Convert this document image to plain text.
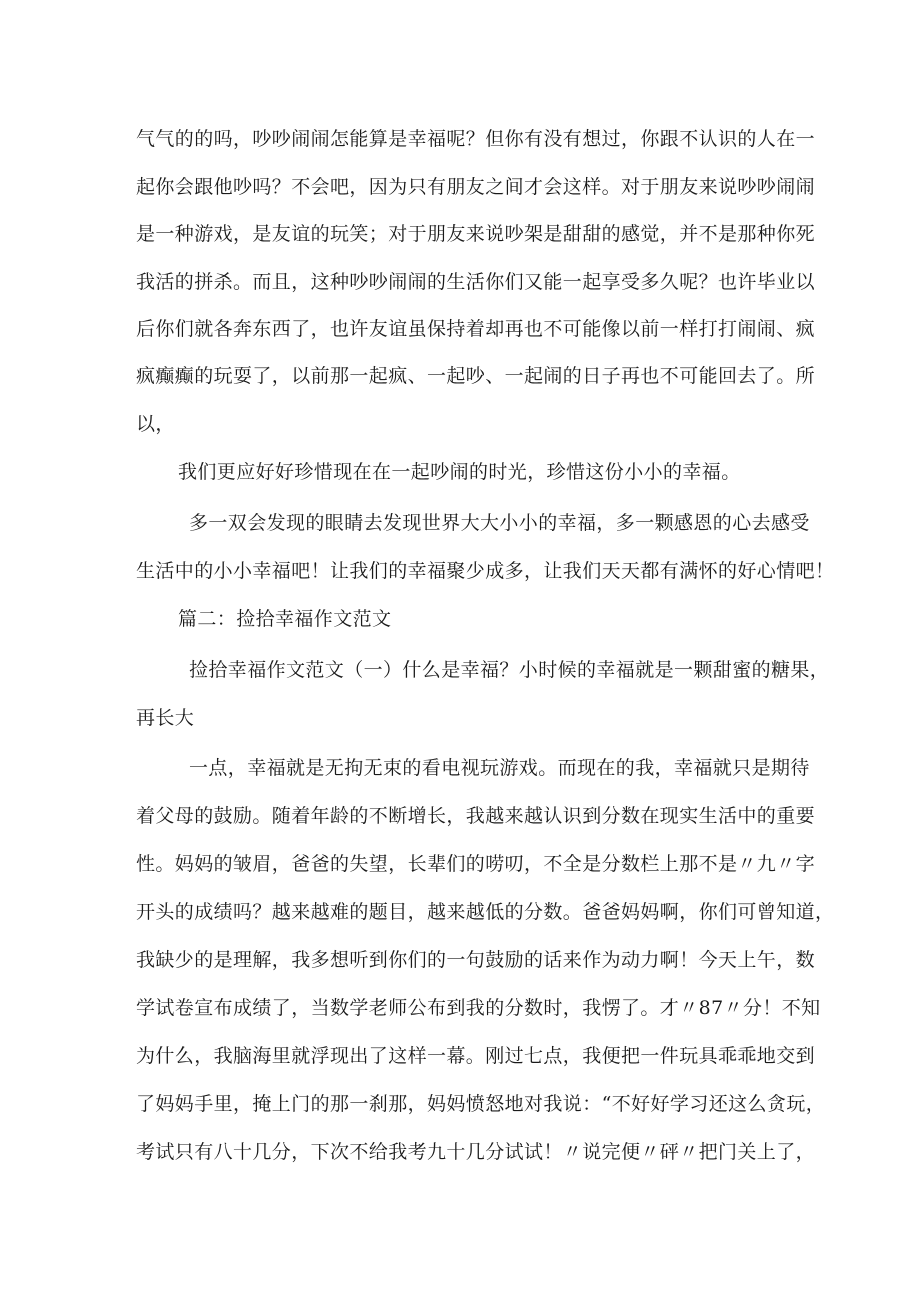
气气的的吗，吵吵闹闹怎能算是幸福呢？但你有没有想过，你跟不认识的人在一
起你会跟他吵吗？不会吧，因为只有朋友之间才会这样。对于朋友来说吵吵闹闹
是一种游戏，是友谊的玩笑；对于朋友来说吵架是甜甜的感觉，并不是那种你死
我活的拼杀。而且，这种吵吵闹闹的生活你们又能一起享受多久呢？也许毕业以
后你们就各奔东西了，也许友谊虽保持着却再也不可能像以前一样打打闹闹、疯
疯癫癫的玩耍了，以前那一起疯、一起吵、一起闹的日子再也不可能回去了。所
以，
我们更应好好珍惜现在在一起吵闹的时光，珍惜这份小小的幸福。
多一双会发现的眼睛去发现世界大大小小的幸福，多一颗感恩的心去感受
生活中的小小幸福吧！让我们的幸福聚少成多，让我们天天都有满怀的好心情吧！
篇二：捡拾幸福作文范文
捡拾幸福作文范文（一）什么是幸福？小时候的幸福就是一颗甜蜜的糖果，
再长大
一点，幸福就是无拘无束的看电视玩游戏。而现在的我，幸福就只是期待
着父母的鼓励。随着年龄的不断增长，我越来越认识到分数在现实生活中的重要
性。妈妈的皱眉，爸爸的失望，长辈们的唠叨，不全是分数栏上那不是〃九〃字
开头的成绩吗？越来越难的题目，越来越低的分数。爸爸妈妈啊，你们可曾知道，
我缺少的是理解，我多想听到你们的一句鼓励的话来作为动力啊！今天上午，数
学试卷宣布成绩了，当数学老师公布到我的分数时，我愣了。才〃87〃分！不知
为什么，我脑海里就浮现出了这样一幕。刚过七点，我便把一件玩具乖乖地交到
了妈妈手里，掩上门的那一刹那，妈妈愤怒地对我说：“不好好学习还这么贪玩，
考试只有八十几分，下次不给我考九十几分试试！〃说完便〃砰〃把门关上了，
